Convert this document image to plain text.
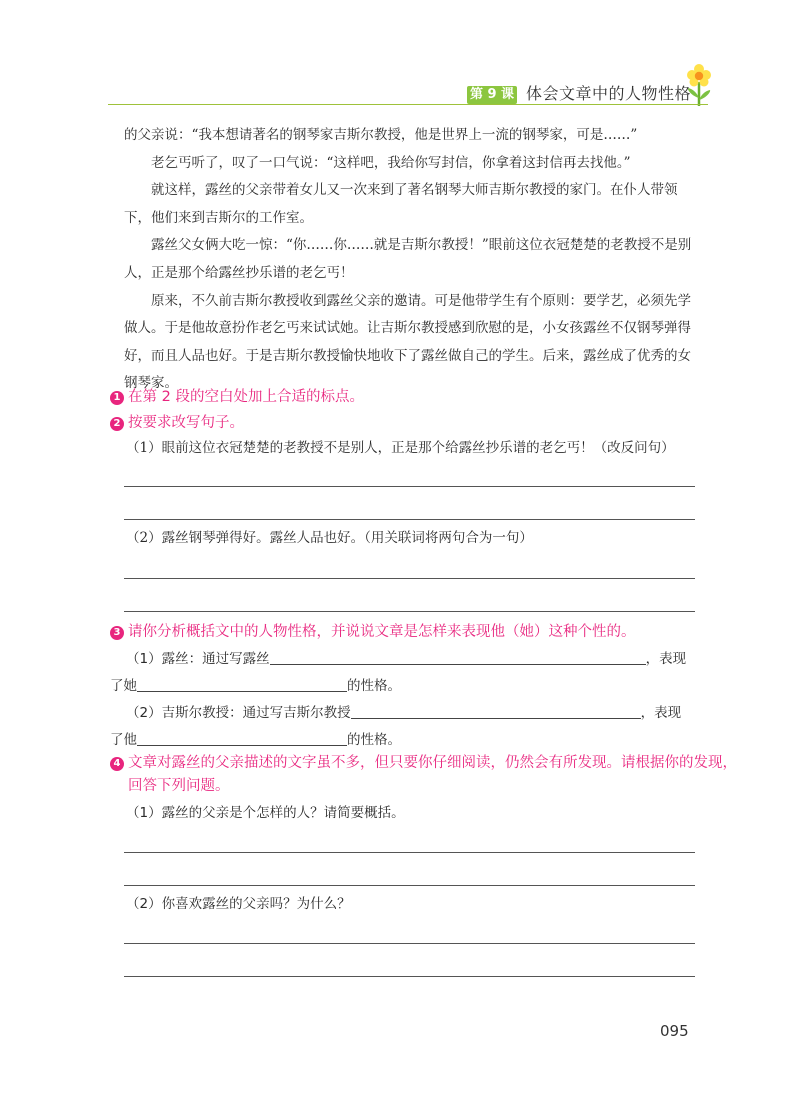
第 9 课 体会文章中的人物性格

的父亲说：“我本想请著名的钢琴家吉斯尔教授，他是世界上一流的钢琴家，可是……”

老乞丐听了，叹了一口气说：“这样吧，我给你写封信，你拿着这封信再去找他。”

就这样，露丝的父亲带着女儿又一次来到了著名钢琴大师吉斯尔教授的家门。在仆人带领下，他们来到吉斯尔的工作室。

露丝父女俩大吃一惊：“你……你……就是吉斯尔教授！”眼前这位衣冠楚楚的老教授不是别人，正是那个给露丝抄乐谱的老乞丐！

原来，不久前吉斯尔教授收到露丝父亲的邀请。可是他带学生有个原则：要学艺，必须先学做人。于是他故意扮作老乞丐来试试她。让吉斯尔教授感到欣慰的是，小女孩露丝不仅钢琴弹得好，而且人品也好。于是吉斯尔教授愉快地收下了露丝做自己的学生。后来，露丝成了优秀的女钢琴家。

1 在第 2 段的空白处加上合适的标点。
2 按要求改写句子。
（1）眼前这位衣冠楚楚的老教授不是别人，正是那个给露丝抄乐谱的老乞丐！（改反问句）
（2）露丝钢琴弹得好。露丝人品也好。（用关联词将两句合为一句）
3 请你分析概括文中的人物性格，并说说文章是怎样来表现他（她）这种个性的。
（1）露丝：通过写露丝	，表现
了她	的性格。
（2）吉斯尔教授：通过写吉斯尔教授	，表现
了他	的性格。
4 文章对露丝的父亲描述的文字虽不多，但只要你仔细阅读，仍然会有所发现。请根据你的发现，
回答下列问题。
（1）露丝的父亲是个怎样的人？请简要概括。
（2）你喜欢露丝的父亲吗？为什么？
095
